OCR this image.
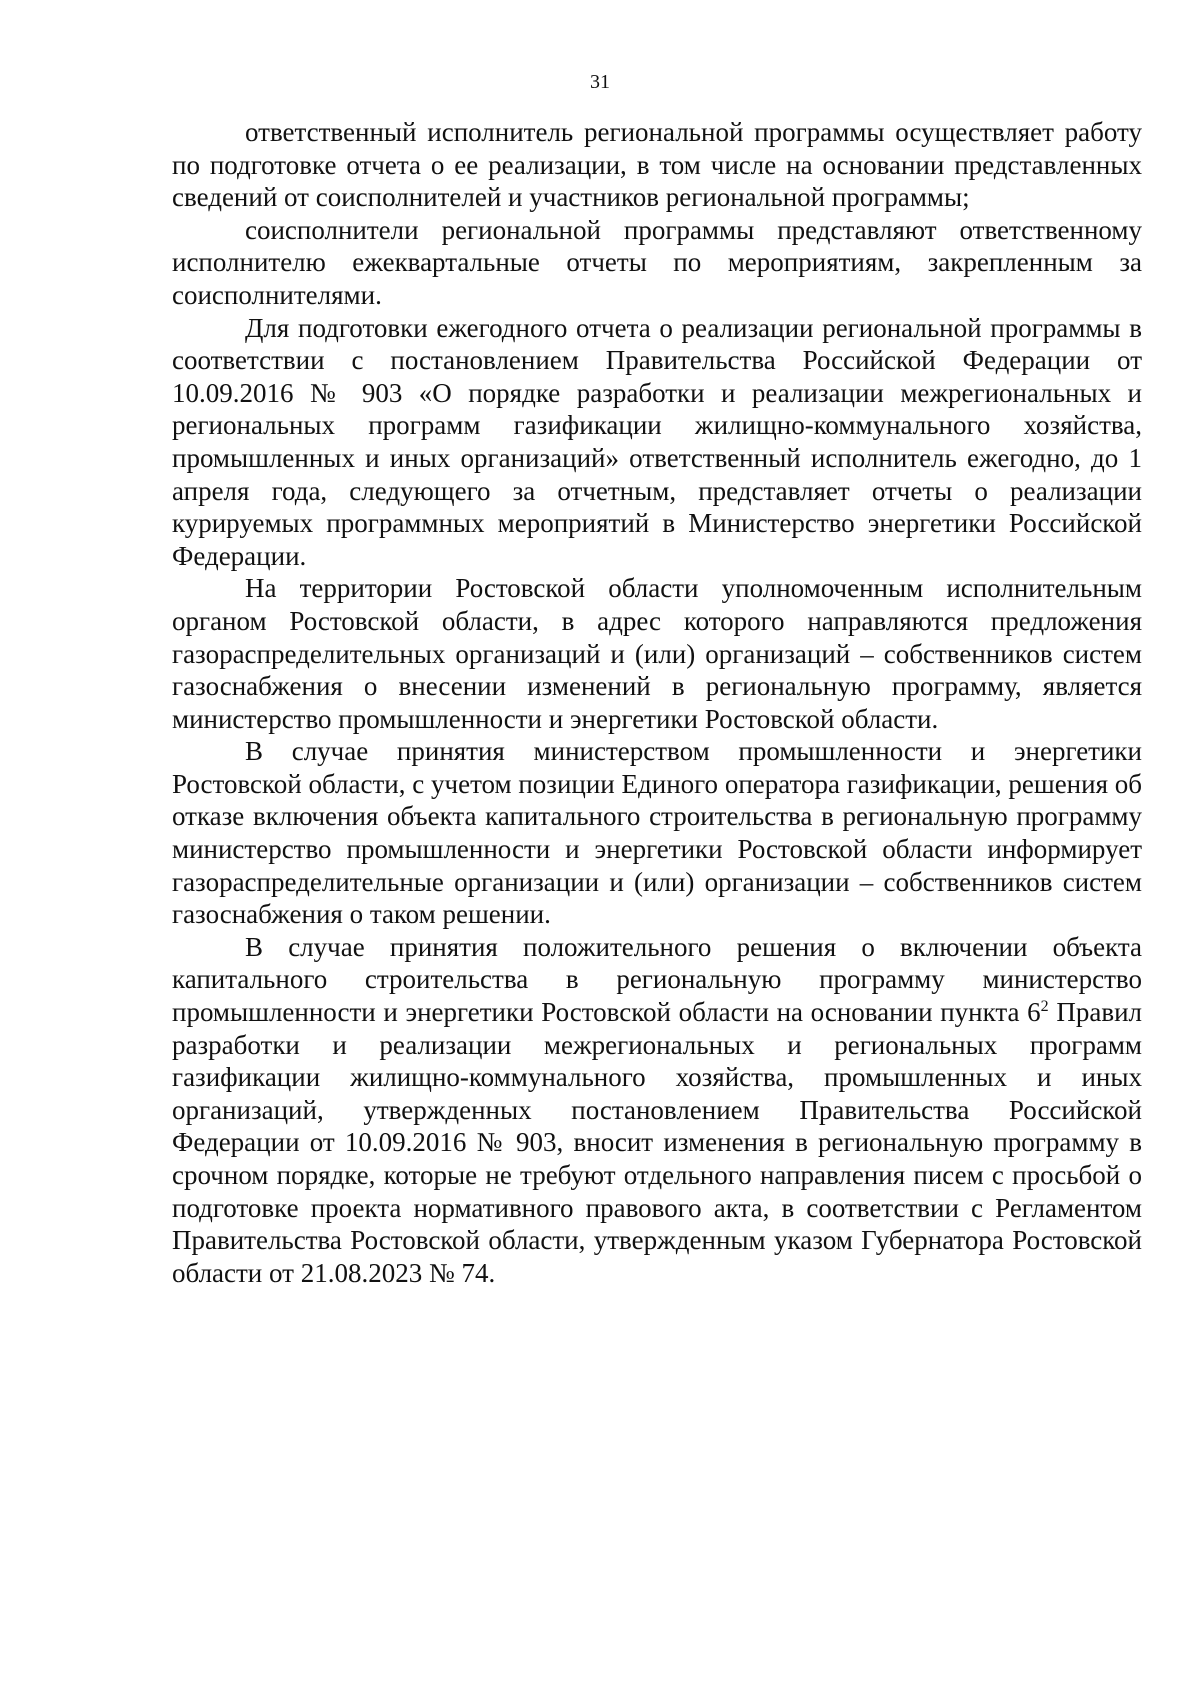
31

ответственный исполнитель региональной программы осуществляет работу по подготовке отчета о ее реализации, в том числе на основании представленных сведений от соисполнителей и участников региональной программы;

соисполнители региональной программы представляют ответственному исполнителю ежеквартальные отчеты по мероприятиям, закрепленным за соисполнителями.

Для подготовки ежегодного отчета о реализации региональной программы в соответствии с постановлением Правительства Российской Федерации от 10.09.2016 № 903 «О порядке разработки и реализации межрегиональных и региональных программ газификации жилищно-коммунального хозяйства, промышленных и иных организаций» ответственный исполнитель ежегодно, до 1 апреля года, следующего за отчетным, представляет отчеты о реализации курируемых программных мероприятий в Министерство энергетики Российской Федерации.

На территории Ростовской области уполномоченным исполнительным органом Ростовской области, в адрес которого направляются предложения газораспределительных организаций и (или) организаций – собственников систем газоснабжения о внесении изменений в региональную программу, является министерство промышленности и энергетики Ростовской области.

В случае принятия министерством промышленности и энергетики Ростовской области, с учетом позиции Единого оператора газификации, решения об отказе включения объекта капитального строительства в региональную программу министерство промышленности и энергетики Ростовской области информирует газораспределительные организации и (или) организации – собственников систем газоснабжения о таком решении.

В случае принятия положительного решения о включении объекта капитального строительства в региональную программу министерство промышленности и энергетики Ростовской области на основании пункта $6^2$ Правил разработки и реализации межрегиональных и региональных программ газификации жилищно-коммунального хозяйства, промышленных и иных организаций, утвержденных постановлением Правительства Российской Федерации от 10.09.2016 № 903, вносит изменения в региональную программу в срочном порядке, которые не требуют отдельного направления писем с просьбой о подготовке проекта нормативного правового акта, в соответствии с Регламентом Правительства Ростовской области, утвержденным указом Губернатора Ростовской области от 21.08.2023 № 74.
